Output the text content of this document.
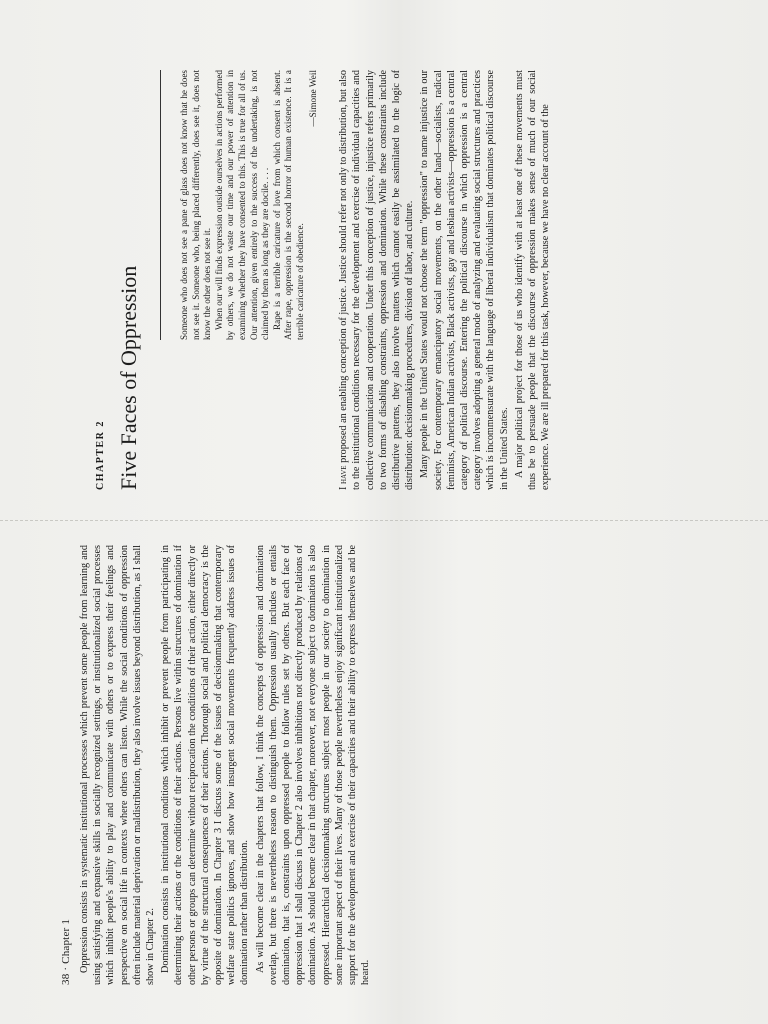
38 · Chapter 1 Oppression consists in systematic institutional processes which prevent some people from learning and using satisfying and expansive skills in socially recognized settings, or institutionalized social processes which inhibit people's ability to play and communicate with others or to express their feelings and perspective on social life in contexts where others can listen. While the social conditions of oppression often include material deprivation or maldistribution, they also involve issues beyond distribution, as I shall show in Chapter 2. Domination consists in institutional conditions which inhibit or prevent people from participating in determining their actions or the conditions of their actions. Persons live within structures of domination if other persons or groups can determine without reciprocation the conditions of their action, either directly or by virtue of the structural consequences of their actions. Thorough social and political democracy is the opposite of domination. In Chapter 3 I discuss some of the issues of decisionmaking that contemporary welfare state politics ignores, and show how insurgent social movements frequently address issues of domination rather than distribution. As will become clear in the chapters that follow, I think the concepts of oppression and domination overlap, but there is nevertheless reason to distinguish them. Oppression usually includes or entails domination, that is, constraints upon oppressed people to follow rules set by others. But each face of oppression that I shall discuss in Chapter 2 also involves inhibitions not directly produced by relations of domination. As should become clear in that chapter, moreover, not everyone subject to domination is also oppressed. Hierarchical decisionmaking structures subject most people in our society to domination in some important aspect of their lives. Many of those people nevertheless enjoy significant institutionalized support for the development and exercise of their capacities and their ability to express themselves and be heard.

CHAPTER 2 Five Faces of Oppression

Someone who does not see a pane of glass does not know that he does not see it. Someone who, being placed differently, does see it, does not know the other does not see it. When our will finds expression outside ourselves in actions performed by others, we do not waste our time and our power of attention in examining whether they have consented to this. This is true for all of us. Our attention, given entirely to the success of the undertaking, is not claimed by them as long as they are docile. . . . Rape is a terrible caricature of love from which consent is absent. After rape, oppression is the second horror of human existence. It is a terrible caricature of obedience.

—Simone Weil

I have proposed an enabling conception of justice. Justice should refer not only to distribution, but also to the institutional conditions necessary for the development and exercise of individual capacities and collective communication and cooperation. Under this conception of justice, injustice refers primarily to two forms of disabling constraints, oppression and domination. While these constraints include distributive patterns, they also involve matters which cannot easily be assimilated to the logic of distribution: decisionmaking procedures, division of labor, and culture. Many people in the United States would not choose the term "oppression" to name injustice in our society. For contemporary emancipatory social movements, on the other hand—socialists, radical feminists, American Indian activists, Black activists, gay and lesbian activists—oppression is a central category of political discourse. Entering the political discourse in which oppression is a central category involves adopting a general mode of analyzing and evaluating social structures and practices which is incommensurate with the language of liberal individualism that dominates political discourse in the United States. A major political project for those of us who identify with at least one of these movements must thus be to persuade people that the discourse of oppression makes sense of much of our social experience. We are ill prepared for this task, however, because we have no clear account of the
